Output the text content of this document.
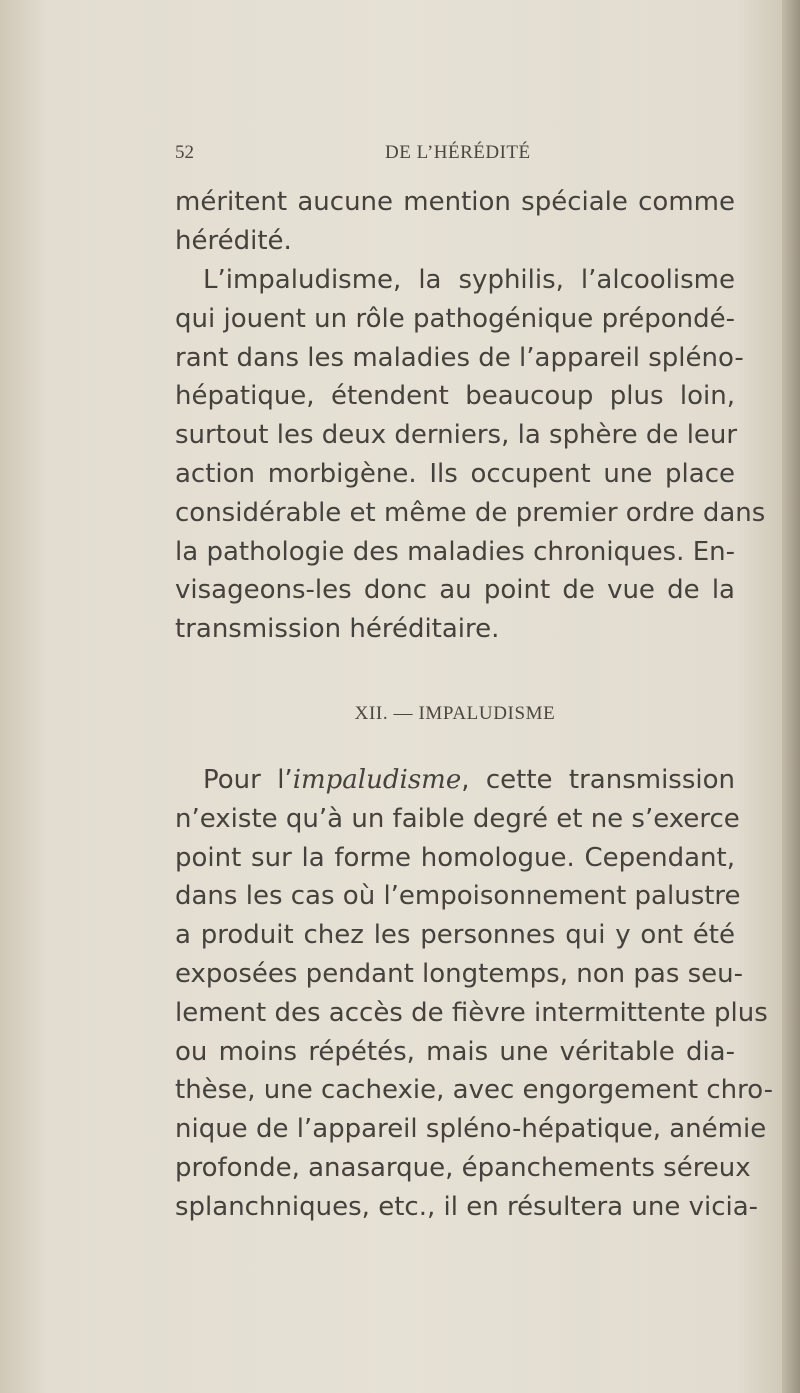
52	DE L’HÉRÉDITÉ
méritent aucune mention spéciale comme
hérédité.
L’impaludisme, la syphilis, l’alcoolisme
qui jouent un rôle pathogénique prépondé-
rant dans les maladies de l’appareil spléno-
hépatique, étendent beaucoup plus loin,
surtout les deux derniers, la sphère de leur
action morbigène. Ils occupent une place
considérable et même de premier ordre dans
la pathologie des maladies chroniques. En-
visageons-les donc au point de vue de la
transmission héréditaire.
XII. — IMPALUDISME
Pour l’impaludisme, cette transmission
n’existe qu’à un faible degré et ne s’exerce
point sur la forme homologue. Cependant,
dans les cas où l’empoisonnement palustre
a produit chez les personnes qui y ont été
exposées pendant longtemps, non pas seu-
lement des accès de fièvre intermittente plus
ou moins répétés, mais une véritable dia-
thèse, une cachexie, avec engorgement chro-
nique de l’appareil spléno-hépatique, anémie
profonde, anasarque, épanchements séreux
splanchniques, etc., il en résultera une vicia-
